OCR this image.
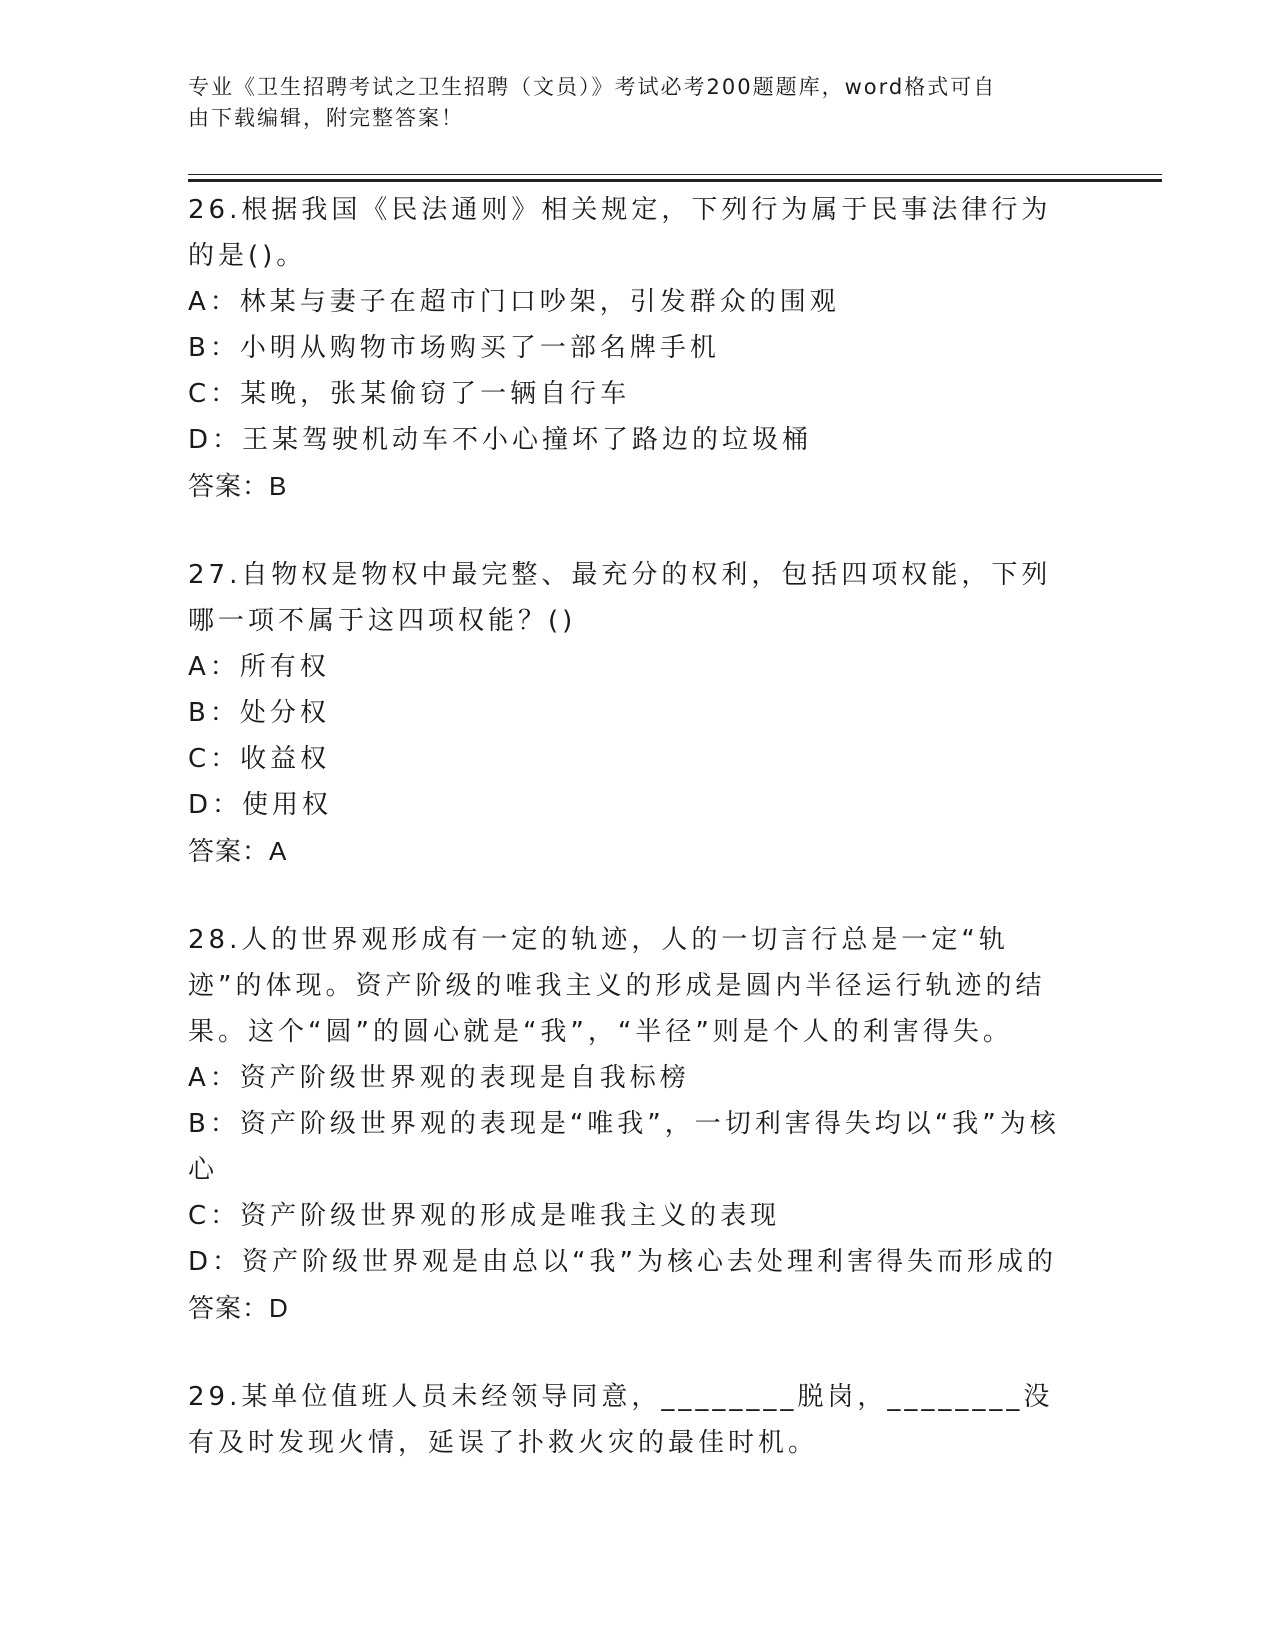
专业《卫生招聘考试之卫生招聘（文员）》考试必考200题题库，word格式可自
由下载编辑，附完整答案！

26.根据我国《民法通则》相关规定，下列行为属于民事法律行为的是()。

A：林某与妻子在超市门口吵架，引发群众的围观
B：小明从购物市场购买了一部名牌手机
C：某晚，张某偷窃了一辆自行车
D：王某驾驶机动车不小心撞坏了路边的垃圾桶

答案：B

27.自物权是物权中最完整、最充分的权利，包括四项权能，下列哪一项不属于这四项权能？()

A：所有权
B：处分权
C：收益权
D：使用权

答案：A

28.人的世界观形成有一定的轨迹，人的一切言行总是一定“轨迹”的体现。资产阶级的唯我主义的形成是圆内半径运行轨迹的结果。这个“圆”的圆心就是“我”，“半径”则是个人的利害得失。

A：资产阶级世界观的表现是自我标榜
B：资产阶级世界观的表现是“唯我”，一切利害得失均以“我”为核心
C：资产阶级世界观的形成是唯我主义的表现
D：资产阶级世界观是由总以“我”为核心去处理利害得失而形成的

答案：D

29.某单位值班人员未经领导同意，________脱岗，________没有及时发现火情，延误了扑救火灾的最佳时机。
